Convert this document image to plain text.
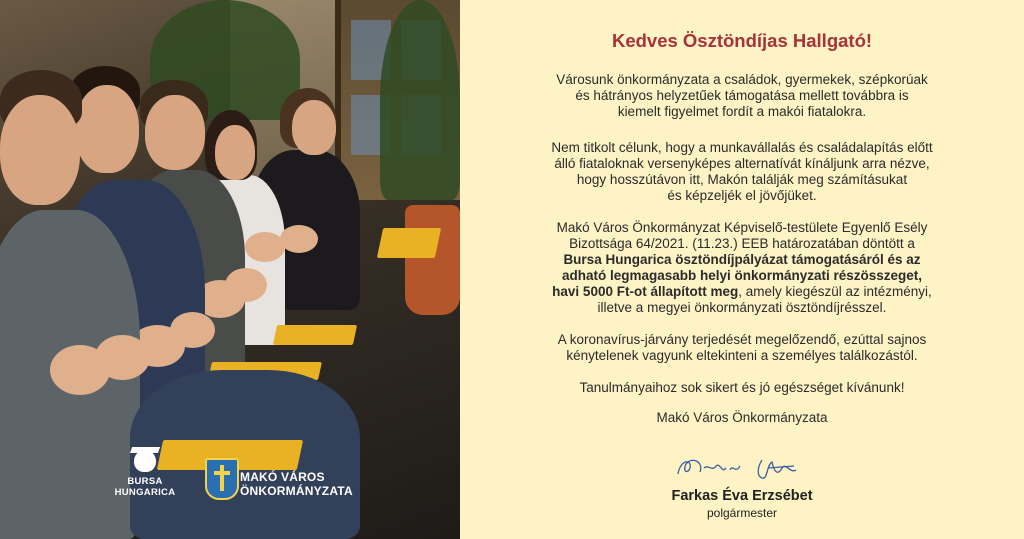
BURSA
HUNGARICA
MAKÓ VÁROS
ÖNKORMÁNYZATA
Kedves Ösztöndíjas Hallgató!
Városunk önkormányzata a családok, gyermekek, szépkorúak
és hátrányos helyzetűek támogatása mellett továbbra is
kiemelt figyelmet fordít a makói fiatalokra.
Nem titkolt célunk, hogy a munkavállalás és családalapítás előtt
álló fiataloknak versenyképes alternatívát kínáljunk arra nézve,
hogy hosszútávon itt, Makón találják meg számításukat
és képzeljék el jövőjüket.
Makó Város Önkormányzat Képviselő-testülete Egyenlő Esély
Bizottsága 64/2021. (11.23.) EEB határozatában döntött a
Bursa Hungarica ösztöndíjpályázat támogatásáról és az
adható legmagasabb helyi önkormányzati részösszeget,
havi 5000 Ft-ot állapított meg, amely kiegészül az intézményi,
illetve a megyei önkormányzati ösztöndíjrésszel.
A koronavírus-járvány terjedését megelőzendő, ezúttal sajnos
kénytelenek vagyunk eltekinteni a személyes találkozástól.
Tanulmányaihoz sok sikert és jó egészséget kívánunk!
Makó Város Önkormányzata
Farkas Éva Erzsébet
polgármester
